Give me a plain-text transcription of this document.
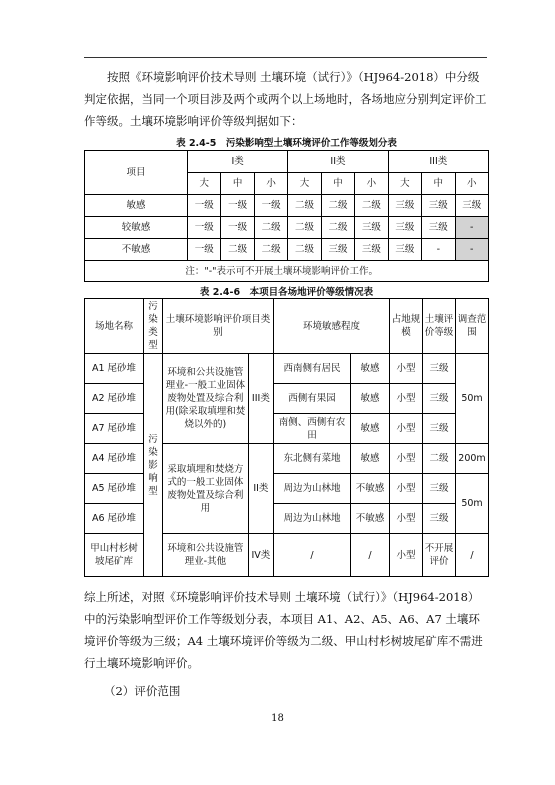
按照《环境影响评价技术导则 土壤环境（试行）》（HJ964-2018）中分级判定依据，当同一个项目涉及两个或两个以上场地时，各场地应分别判定评价工作等级。土壤环境影响评价等级判据如下：
表 2.4-5　污染影响型土壤环境评价工作等级划分表
项目	I类			II类			III类		
	大	中	小	大	中	小	大	中	小
敏感	一级	一级	一级	二级	二级	二级	三级	三级	三级
较敏感	一级	一级	二级	二级	二级	三级	三级	三级	-
不敏感	一级	二级	二级	二级	三级	三级	三级	-	-
注："-"表示可不开展土壤环境影响评价工作。									
表 2.4-6　本项目各场地评价等级情况表
场地名称	污染类型	土壤环境影响评价项目类别		环境敏感程度		占地规模	土壤评价等级	调查范围
A1 尾砂堆	污染影响型	环境和公共设施管理业-一般工业固体废物处置及综合利用(除采取填埋和焚烧以外的)	III类	西南侧有居民	敏感	小型	三级	50m
A2 尾砂堆				西侧有果园	敏感	小型	三级	
A7 尾砂堆				南侧、西侧有农田	敏感	小型	三级	
A4 尾砂堆		采取填埋和焚烧方式的一般工业固体废物处置及综合利用	II类	东北侧有菜地	敏感	小型	二级	200m
A5 尾砂堆				周边为山林地	不敏感	小型	三级	50m
A6 尾砂堆				周边为山林地	不敏感	小型	三级	
甲山村杉树坡尾矿库		环境和公共设施管理业-其他	IV类	/	/	小型	不开展评价	/
综上所述，对照《环境影响评价技术导则 土壤环境（试行）》（HJ964-2018）中的污染影响型评价工作等级划分表，本项目 A1、A2、A5、A6、A7 土壤环境评价等级为三级；A4 土壤环境评价等级为二级、甲山村杉树坡尾矿库不需进行土壤环境影响评价。
（2）评价范围
18
